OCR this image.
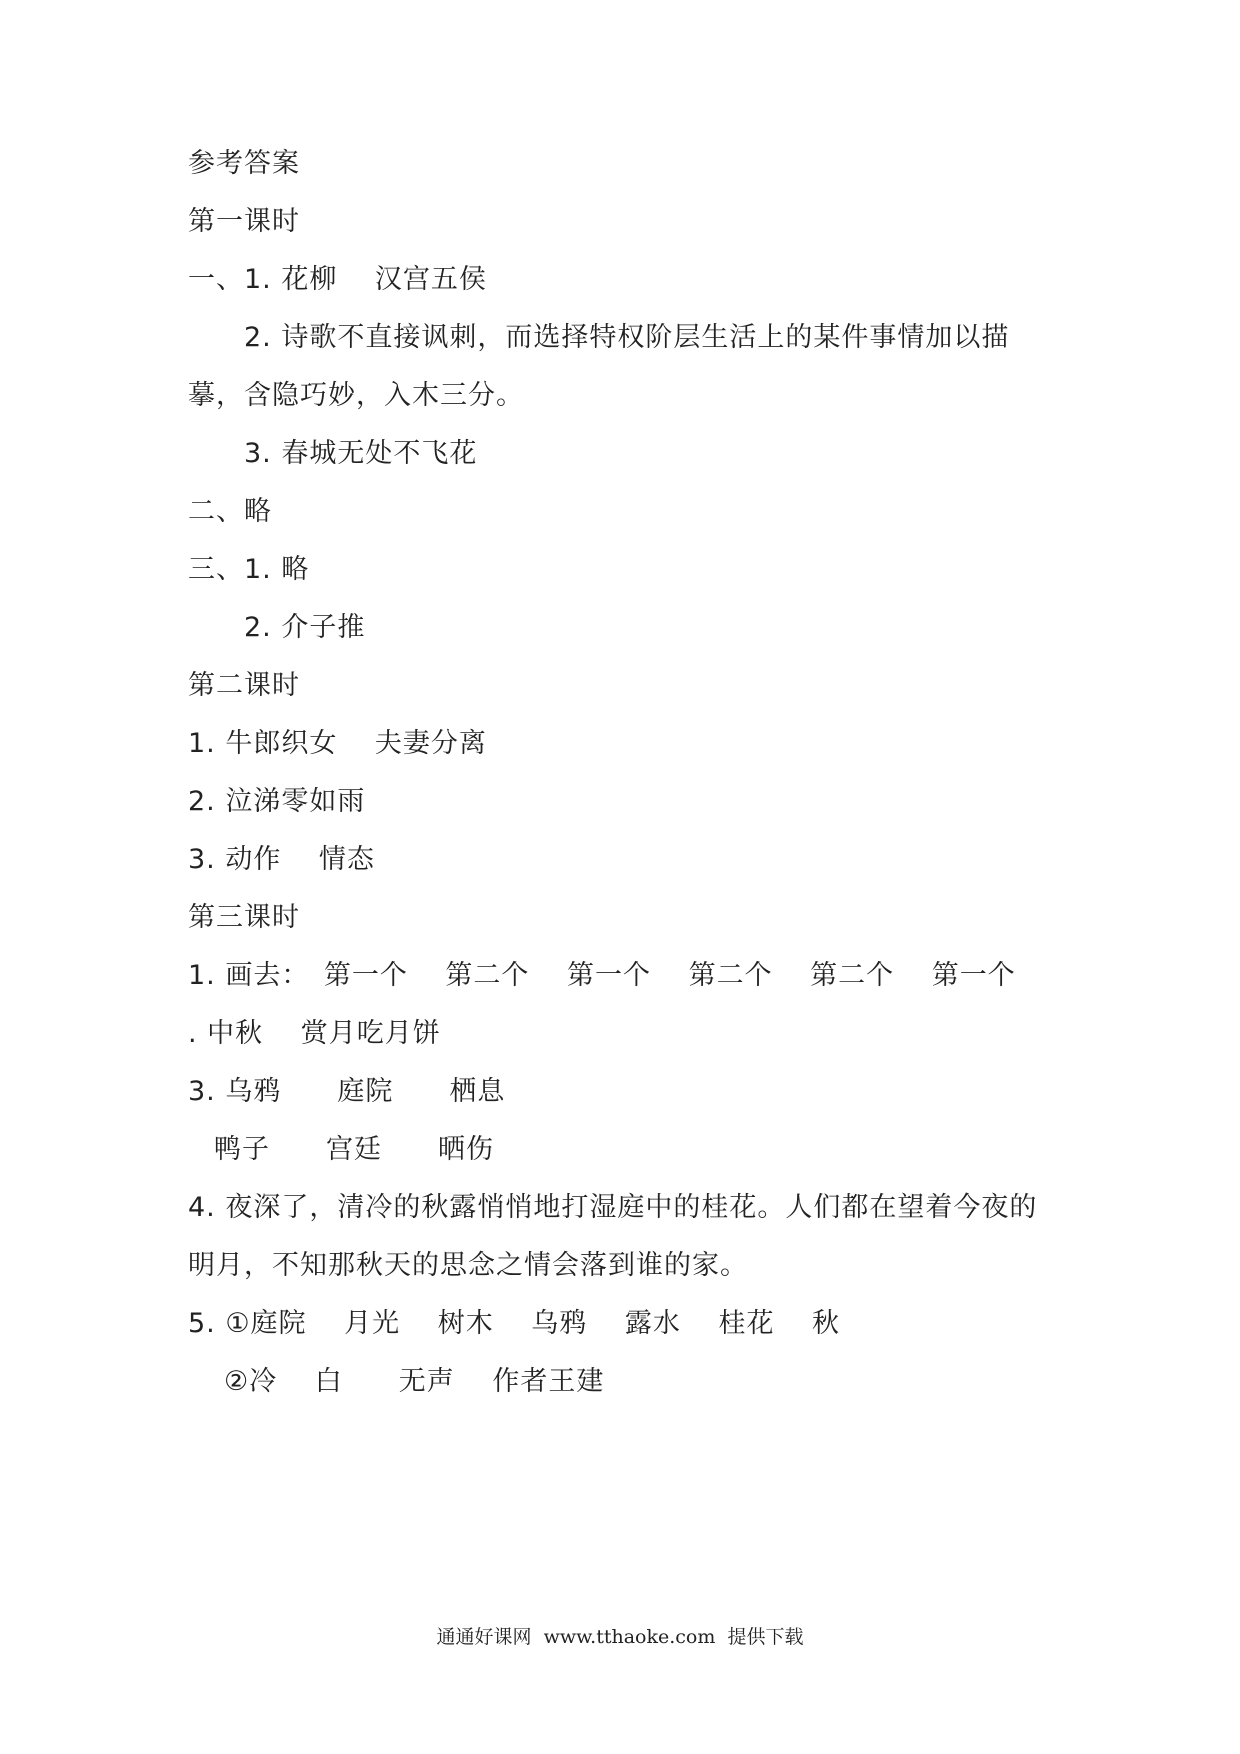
参考答案
第一课时
一、1. 花柳　 汉宫五侯
2. 诗歌不直接讽刺，而选择特权阶层生活上的某件事情加以描
摹，含隐巧妙，入木三分。
3. 春城无处不飞花
二、略
三、1. 略
2. 介子推
第二课时
1. 牛郎织女　 夫妻分离
2. 泣涕零如雨
3. 动作　 情态
第三课时
1. 画去：　第一个　 第二个　 第一个　 第二个　 第二个　 第一个
. 中秋　 赏月吃月饼
3. 乌鸦　　庭院　　栖息
鸭子　　宫廷　　晒伤
4. 夜深了，清冷的秋露悄悄地打湿庭中的桂花。人们都在望着今夜的
明月，不知那秋天的思念之情会落到谁的家。
5. ①庭院　 月光　 树木　 乌鸦　 露水　 桂花　 秋
②冷　 白　　无声　 作者王建
通通好课网  www.tthaoke.com  提供下载
